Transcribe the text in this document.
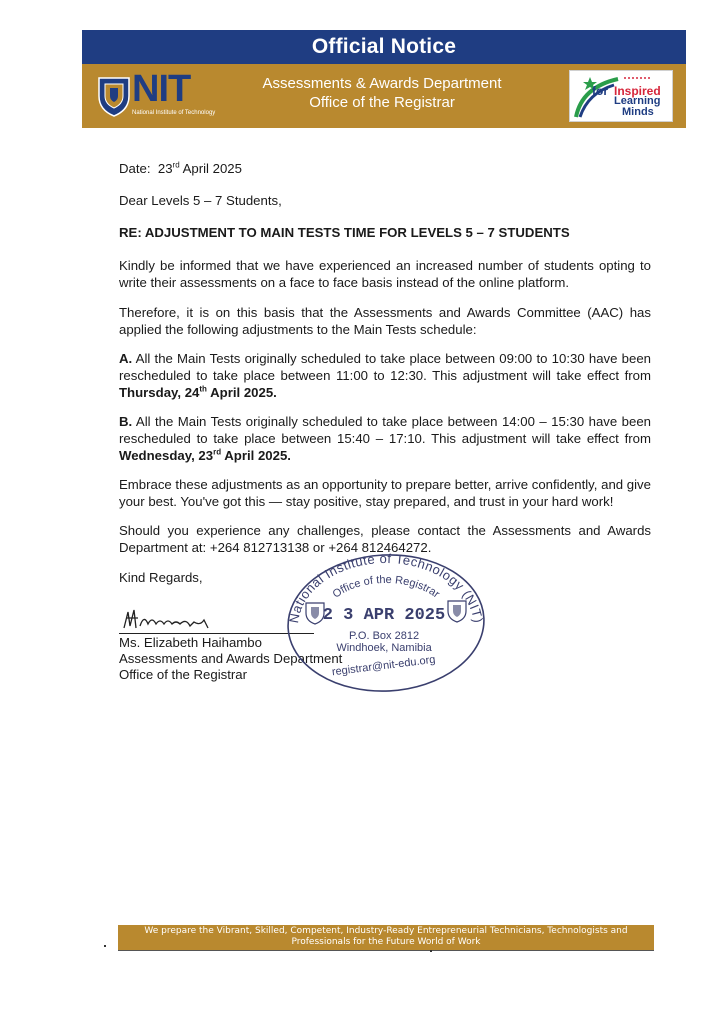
Official Notice
NIT
National Institute of Technology
Assessments & Awards Department
Office of the Registrar
for Inspired
Learning
Minds

Date: 23rd April 2025

Dear Levels 5 – 7 Students,

RE: ADJUSTMENT TO MAIN TESTS TIME FOR LEVELS 5 – 7 STUDENTS

Kindly be informed that we have experienced an increased number of students opting to write their assessments on a face to face basis instead of the online platform.

Therefore, it is on this basis that the Assessments and Awards Committee (AAC) has applied the following adjustments to the Main Tests schedule:

A. All the Main Tests originally scheduled to take place between 09:00 to 10:30 have been rescheduled to take place between 11:00 to 12:30. This adjustment will take effect from Thursday, 24th April 2025.

B. All the Main Tests originally scheduled to take place between 14:00 – 15:30 have been rescheduled to take place between 15:40 – 17:10. This adjustment will take effect from Wednesday, 23rd April 2025.

Embrace these adjustments as an opportunity to prepare better, arrive confidently, and give your best. You've got this — stay positive, stay prepared, and trust in your hard work!

Should you experience any challenges, please contact the Assessments and Awards Department at: +264 812713138 or +264 812464272.

Kind Regards,

Ms. Elizabeth Haihambo

Assessments and Awards Department

Office of the Registrar

National Institute of Technology (NIT)
Office of the Registrar
2 3 APR 2025
P.O. Box 2812
Windhoek, Namibia
registrar@nit-edu.org
We prepare the Vibrant, Skilled, Competent, Industry-Ready Entrepreneurial Technicians, Technologists and
Professionals for the Future World of Work
